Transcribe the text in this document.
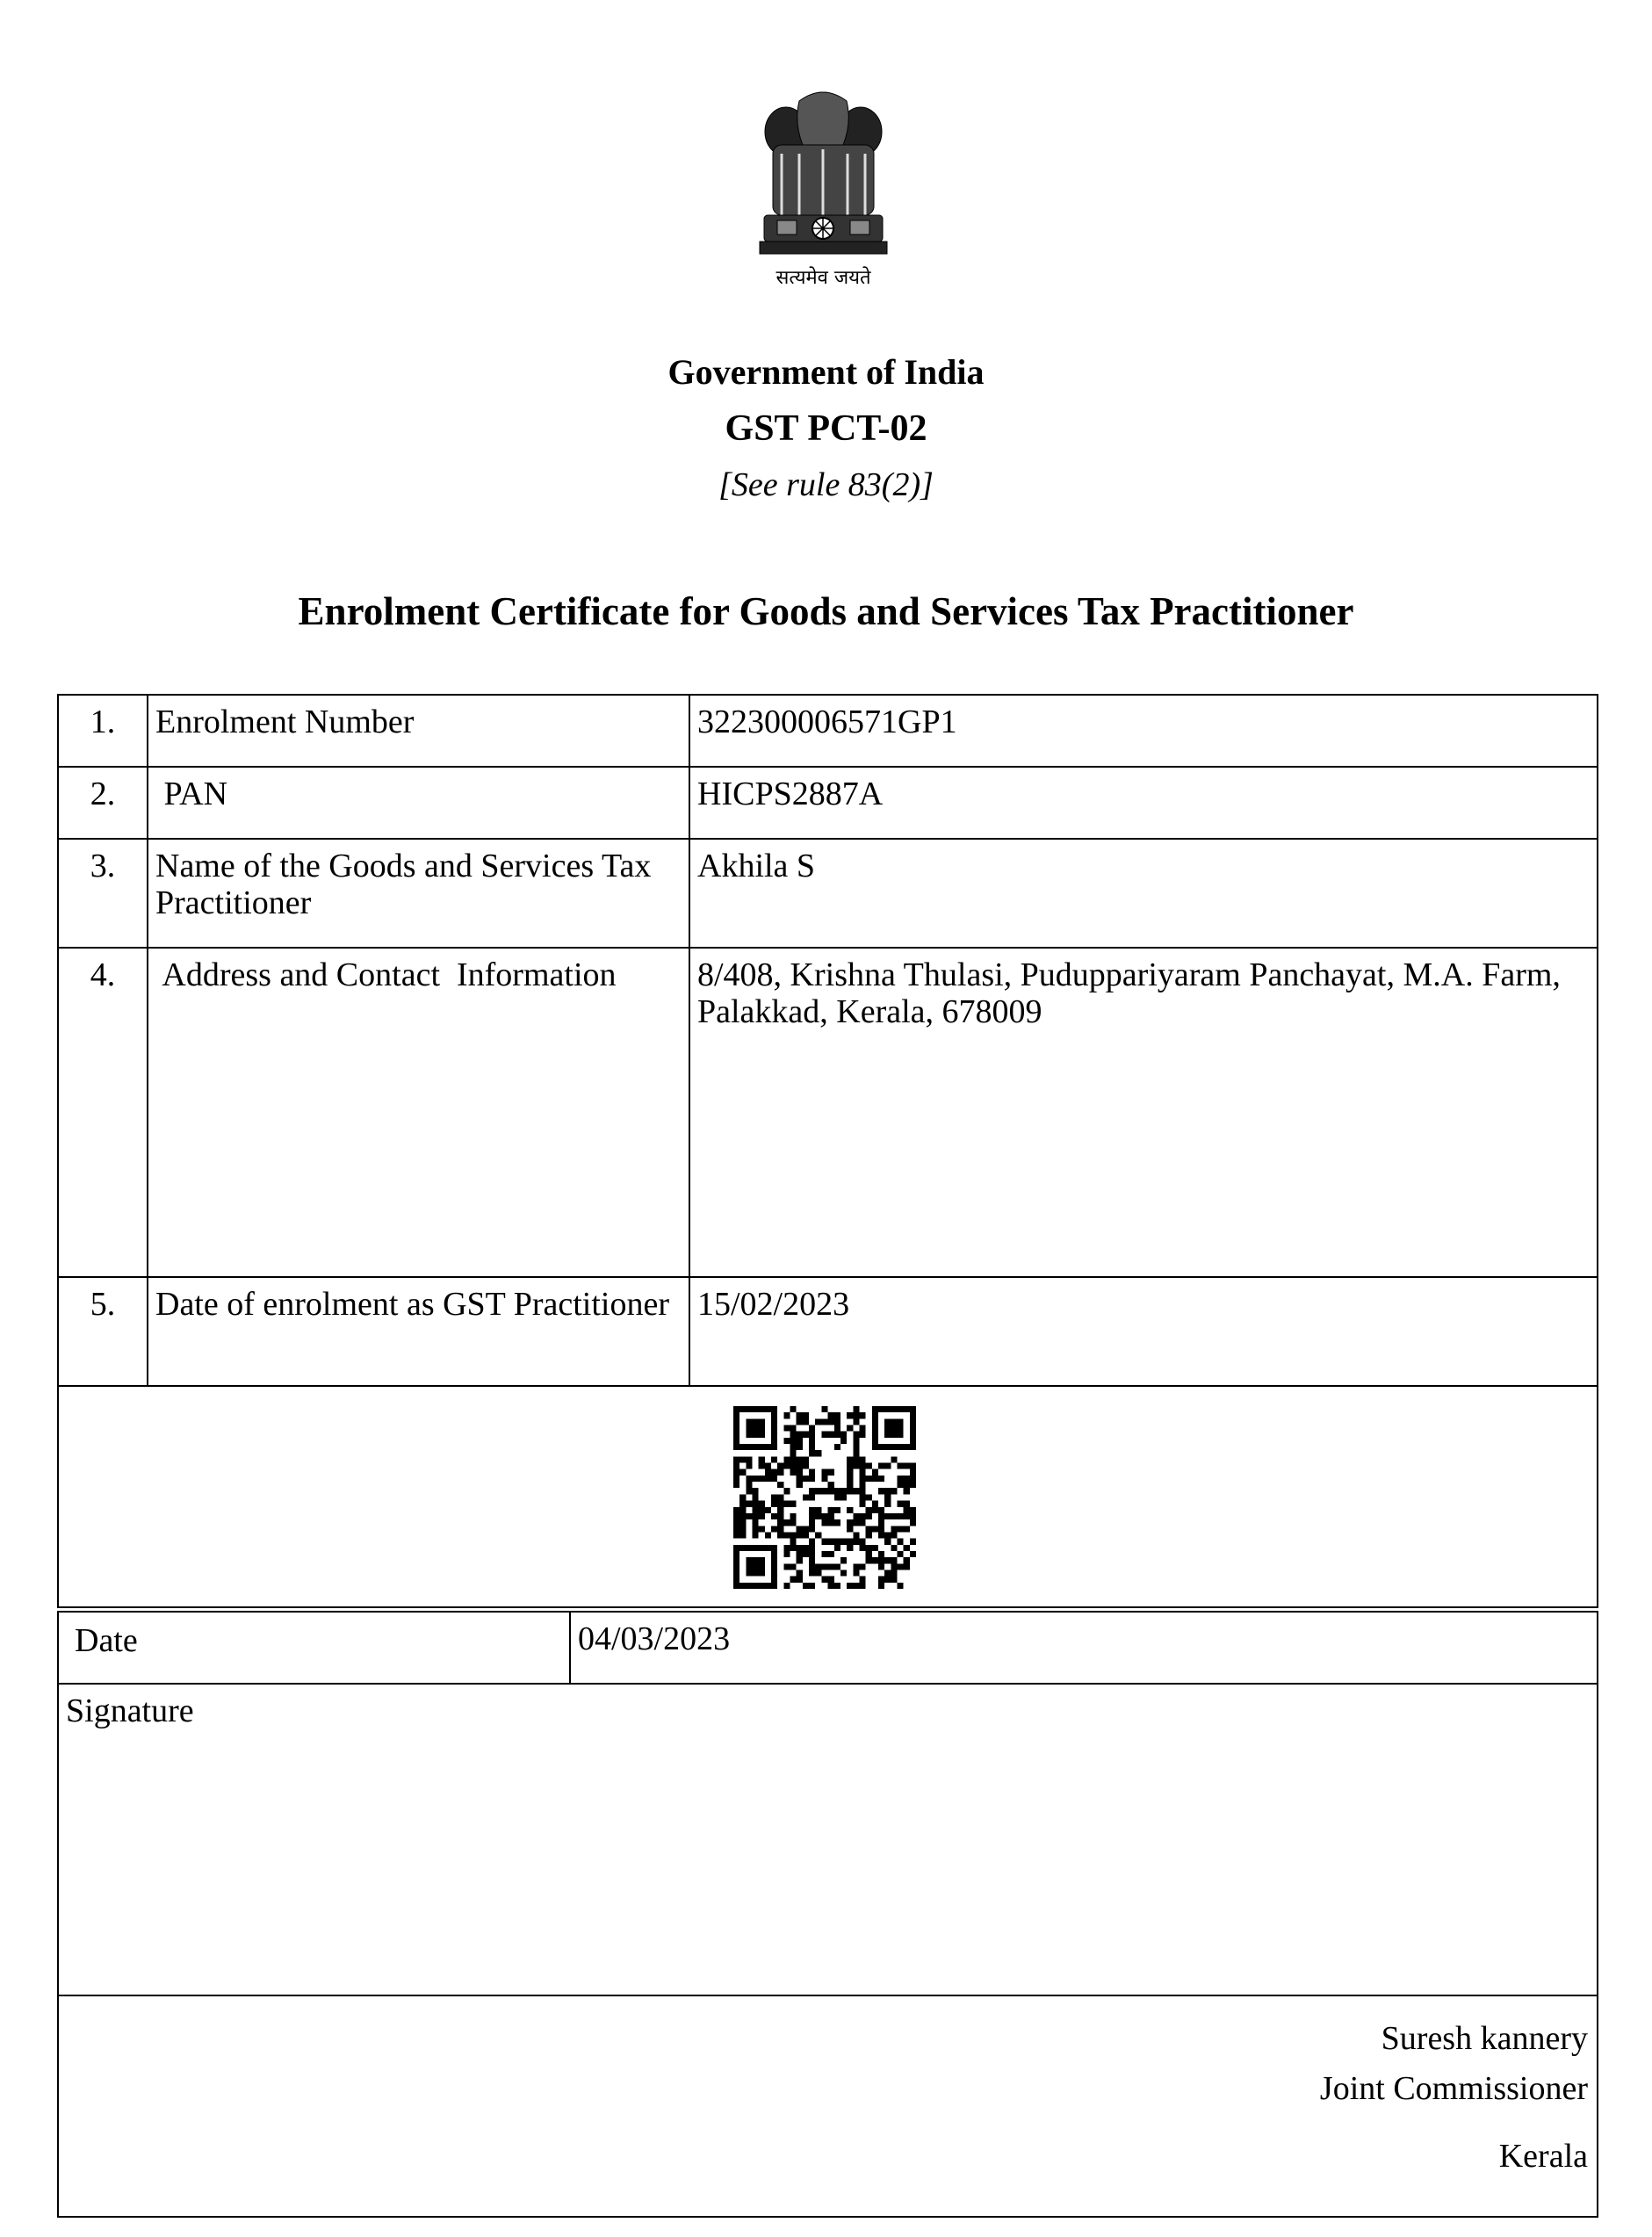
सत्यमेव जयते
Government of India
GST PCT-02
[See rule 83(2)]
Enrolment Certificate for Goods and Services Tax Practitioner
1.	Enrolment Number	322300006571GP1
2.	PAN	HICPS2887A
3.	Name of the Goods and Services Tax Practitioner	Akhila S
4.	Address and Contact  Information	8/408, Krishna Thulasi, Puduppariyaram Panchayat, M.A. Farm, Palakkad, Kerala, 678009
5.	Date of enrolment as GST Practitioner	15/02/2023

Date	04/03/2023
Signature

Suresh kannery
Joint Commissioner
Kerala
